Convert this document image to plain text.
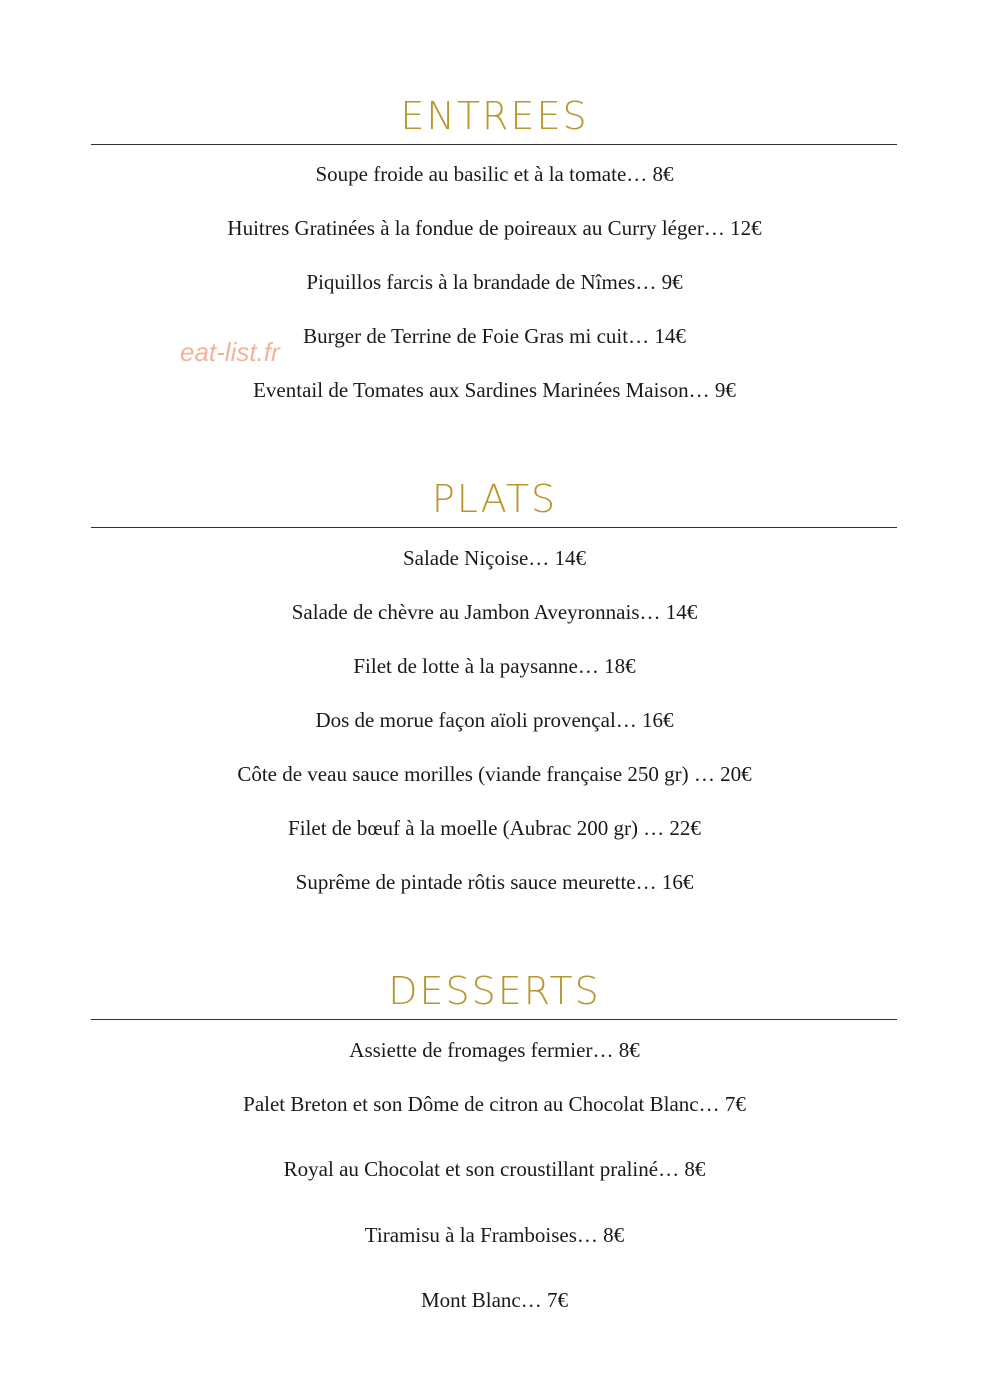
ENTREES
Soupe froide au basilic et à la tomate… 8€
Huitres Gratinées à la fondue de poireaux au Curry léger… 12€
Piquillos farcis à la brandade de Nîmes… 9€
Burger de Terrine de Foie Gras mi cuit… 14€
Eventail de Tomates aux Sardines Marinées Maison… 9€
PLATS
Salade Niçoise… 14€
Salade de chèvre au Jambon Aveyronnais… 14€
Filet de lotte à la paysanne… 18€
Dos de morue façon aïoli provençal… 16€
Côte de veau sauce morilles (viande française 250 gr) … 20€
Filet de bœuf à la moelle (Aubrac 200 gr) … 22€
Suprême de pintade rôtis sauce meurette… 16€
DESSERTS
Assiette de fromages fermier… 8€
Palet Breton et son Dôme de citron au Chocolat Blanc… 7€
Royal au Chocolat et son croustillant praliné… 8€
Tiramisu à la Framboises… 8€
Mont Blanc… 7€
eat-list.fr
